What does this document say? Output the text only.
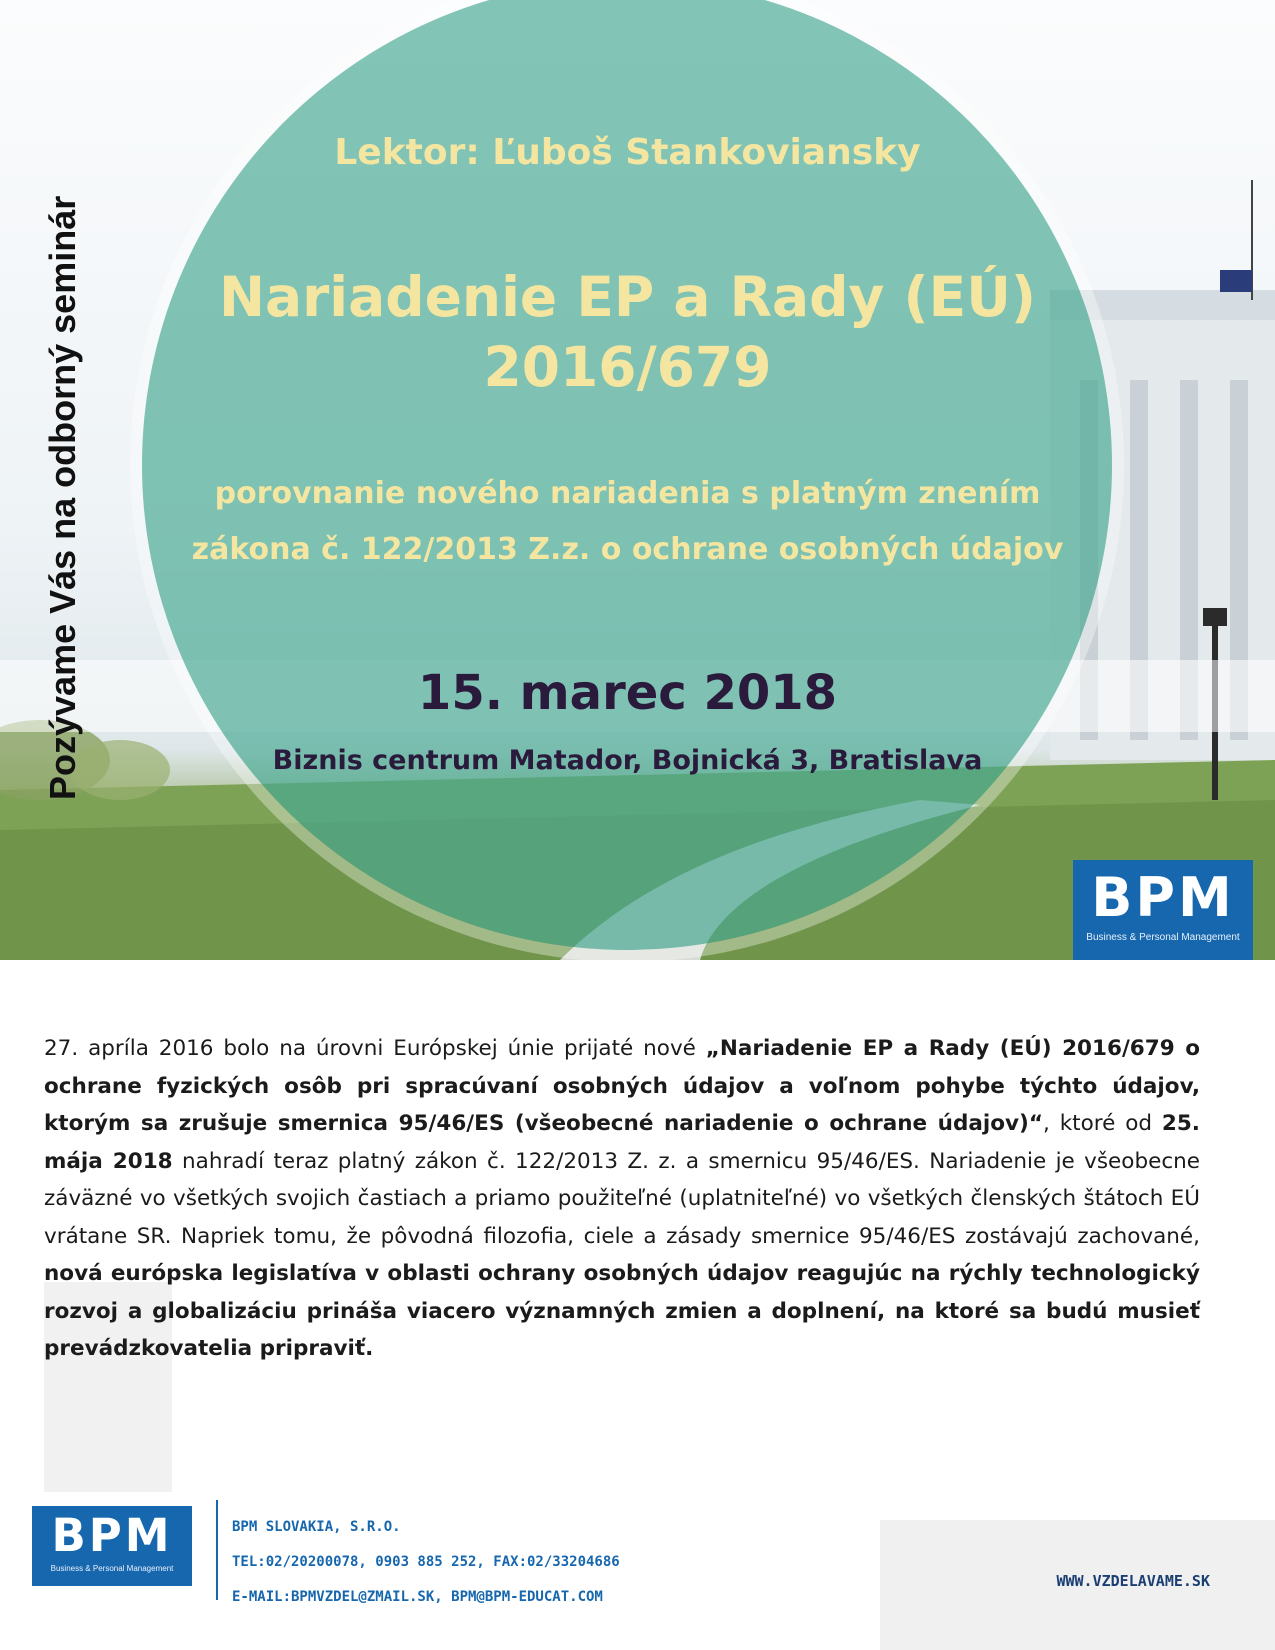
Lektor: Ľuboš Stankoviansky
Nariadenie EP a Rady (EÚ)
2016/679
porovnanie nového nariadenia s platným znením
zákona č. 122/2013 Z.z. o ochrane osobných údajov
15. marec 2018
Biznis centrum Matador, Bojnická 3, Bratislava
Pozývame Vás na odborný seminár
BPM
Business & Personal Management
27. apríla 2016 bolo na úrovni Európskej únie prijaté nové „Nariadenie EP a Rady (EÚ) 2016/679 o ochrane fyzických osôb pri spracúvaní osobných údajov a voľnom pohybe týchto údajov, ktorým sa zrušuje smernica 95/46/ES (všeobecné nariadenie o ochrane údajov)“, ktoré od 25. mája 2018 nahradí teraz platný zákon č. 122/2013 Z. z. a smernicu 95/46/ES. Nariadenie je všeobecne záväzné vo všetkých svojich častiach a priamo použiteľné (uplatniteľné) vo všetkých členských štátoch EÚ vrátane SR. Napriek tomu, že pôvodná filozofia, ciele a zásady smernice 95/46/ES zostávajú zachované, nová európska legislatíva v oblasti ochrany osobných údajov reagujúc na rýchly technologický rozvoj a globalizáciu prináša viacero významných zmien a doplnení, na ktoré sa budú musieť prevádzkovatelia pripraviť.
BPM
Business & Personal Management
BPM SLOVAKIA, S.R.O.
TEL:02/20200078, 0903 885 252, FAX:02/33204686
E-MAIL:BPMVZDEL@ZMAIL.SK, BPM@BPM-EDUCAT.COM
WWW.VZDELAVAME.SK
